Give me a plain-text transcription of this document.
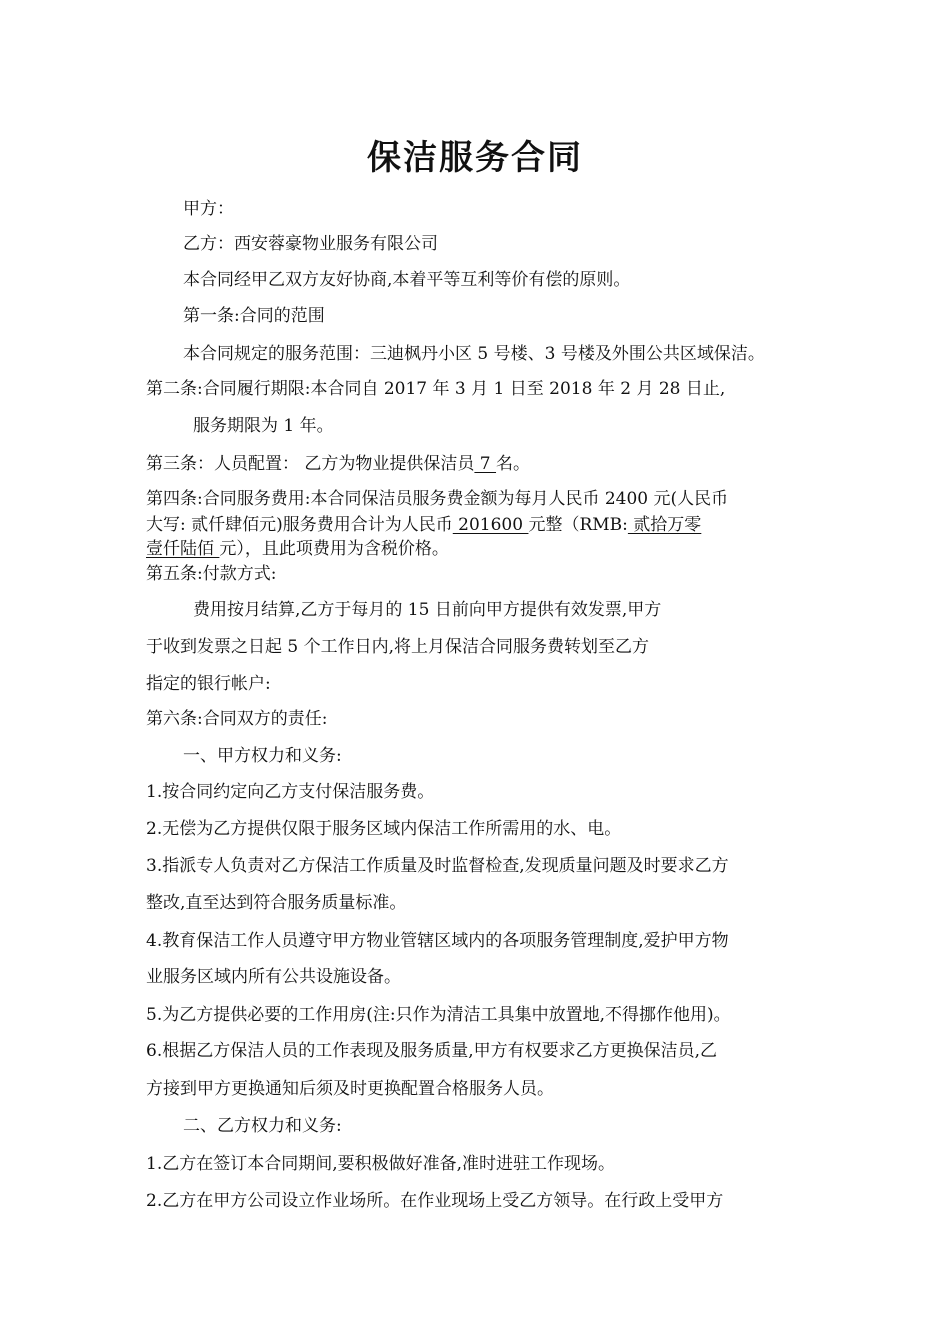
保洁服务合同
甲方：
乙方：西安蓉豪物业服务有限公司
本合同经甲乙双方友好协商,本着平等互利等价有偿的原则。
第一条:合同的范围
本合同规定的服务范围：三迪枫丹小区 5 号楼、3 号楼及外围公共区域保洁。
第二条:合同履行期限:本合同自 2017 年 3 月 1 日至 2018 年 2 月 28 日止,
服务期限为 1 年。
第三条：人员配置： 乙方为物业提供保洁员 7 名。
第四条:合同服务费用:本合同保洁员服务费金额为每月人民币 2400 元(人民币
大写: 贰仟肆佰元)服务费用合计为人民币 201600 元整（RMB: 贰拾万零
壹仟陆佰 元），且此项费用为含税价格。
第五条:付款方式:
费用按月结算,乙方于每月的 15 日前向甲方提供有效发票,甲方
于收到发票之日起 5 个工作日内,将上月保洁合同服务费转划至乙方
指定的银行帐户:
第六条:合同双方的责任:
一、甲方权力和义务:
1.按合同约定向乙方支付保洁服务费。
2.无偿为乙方提供仅限于服务区域内保洁工作所需用的水、电。
3.指派专人负责对乙方保洁工作质量及时监督检查,发现质量问题及时要求乙方
整改,直至达到符合服务质量标准。
4.教育保洁工作人员遵守甲方物业管辖区域内的各项服务管理制度,爱护甲方物
业服务区域内所有公共设施设备。
5.为乙方提供必要的工作用房(注:只作为清洁工具集中放置地,不得挪作他用)。
6.根据乙方保洁人员的工作表现及服务质量,甲方有权要求乙方更换保洁员,乙
方接到甲方更换通知后须及时更换配置合格服务人员。
二、乙方权力和义务:
1.乙方在签订本合同期间,要积极做好准备,准时进驻工作现场。
2.乙方在甲方公司设立作业场所。在作业现场上受乙方领导。在行政上受甲方
